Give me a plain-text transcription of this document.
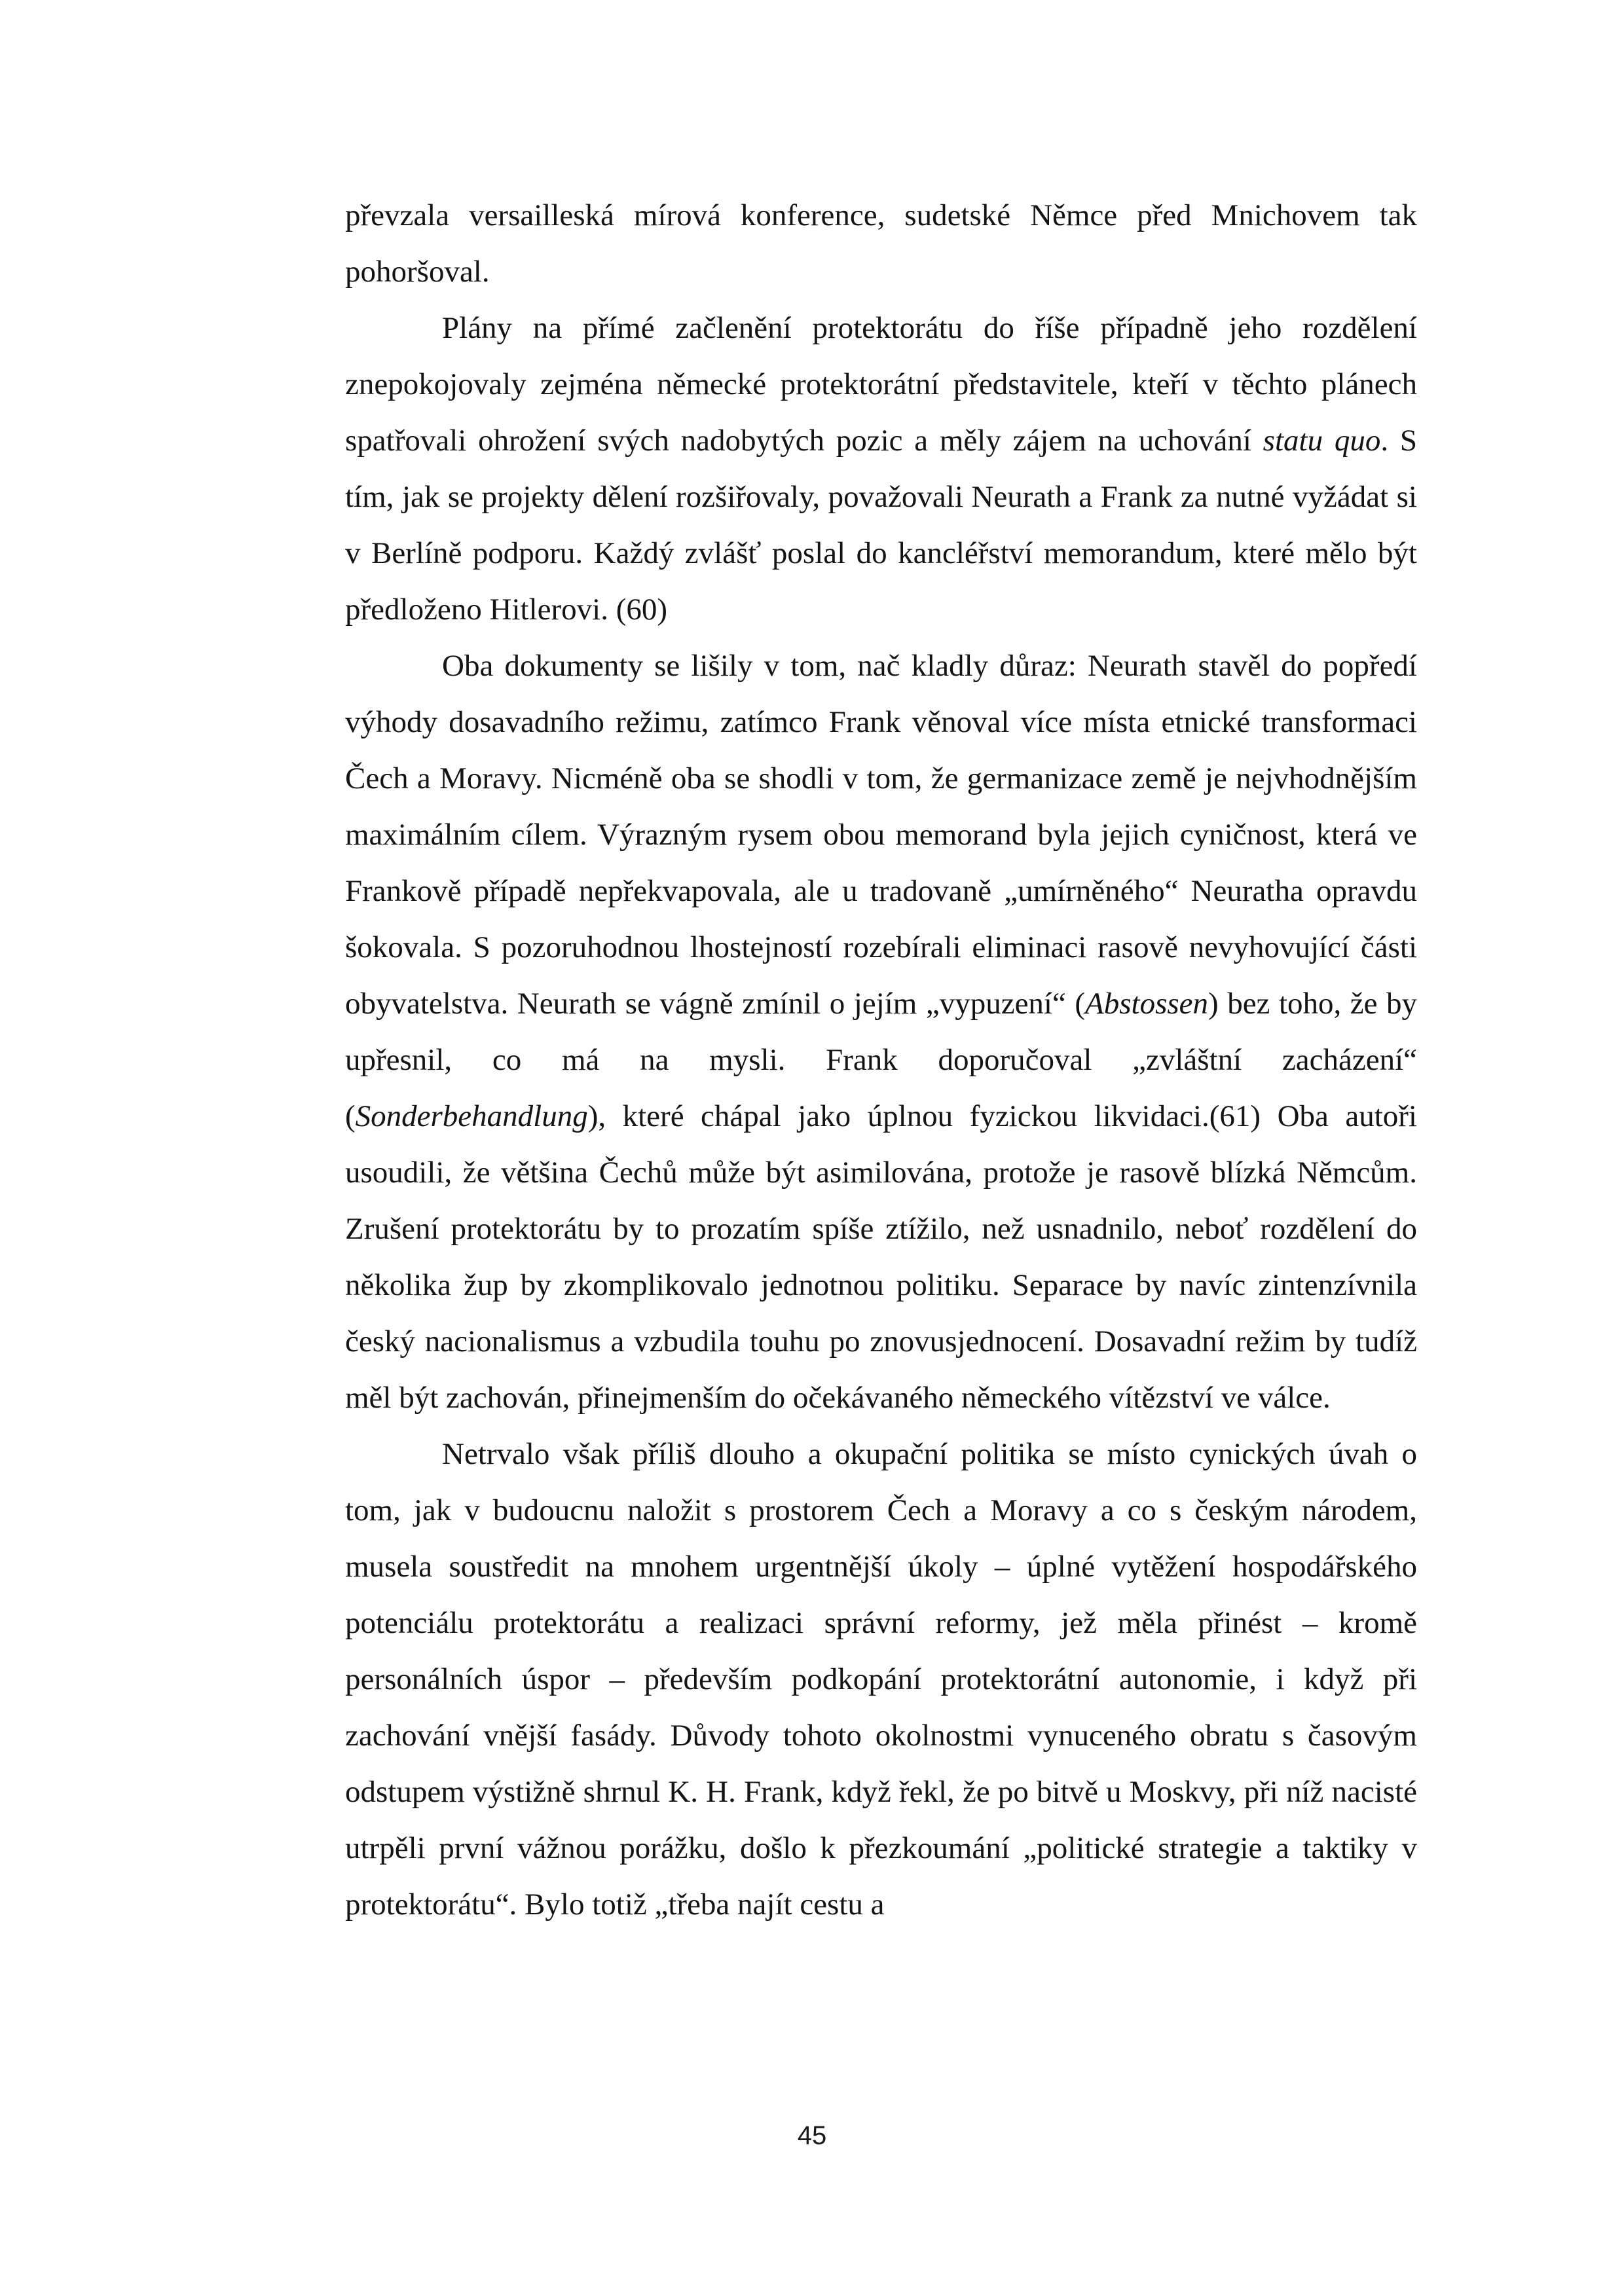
převzala versailleská mírová konference, sudetské Němce před Mnichovem tak pohoršoval.

Plány na přímé začlenění protektorátu do říše případně jeho rozdělení znepokojovaly zejména německé protektorátní představitele, kteří v těchto plánech spatřovali ohrožení svých nadobytých pozic a měly zájem na uchování statu quo. S tím, jak se projekty dělení rozšiřovaly, považovali Neurath a Frank za nutné vyžádat si v Berlíně podporu. Každý zvlášť poslal do kancléřství memorandum, které mělo být předloženo Hitlerovi. (60)

Oba dokumenty se lišily v tom, nač kladly důraz: Neurath stavěl do popředí výhody dosavadního režimu, zatímco Frank věnoval více místa etnické transformaci Čech a Moravy. Nicméně oba se shodli v tom, že germanizace země je nejvhodnějším maximálním cílem. Výrazným rysem obou memorand byla jejich cyničnost, která ve Frankově případě nepřekvapovala, ale u tradovaně „umírněného“ Neuratha opravdu šokovala. S pozoruhodnou lhostejností rozebírali eliminaci rasově nevyhovující části obyvatelstva. Neurath se vágně zmínil o jejím „vypuzení“ (Abstossen) bez toho, že by upřesnil, co má na mysli. Frank doporučoval „zvláštní zacházení“ (Sonderbehandlung), které chápal jako úplnou fyzickou likvidaci.(61) Oba autoři usoudili, že většina Čechů může být asimilována, protože je rasově blízká Němcům. Zrušení protektorátu by to prozatím spíše ztížilo, než usnadnilo, neboť rozdělení do několika žup by zkomplikovalo jednotnou politiku. Separace by navíc zintenzívnila český nacionalismus a vzbudila touhu po znovusjednocení. Dosavadní režim by tudíž měl být zachován, přinejmenším do očekávaného německého vítězství ve válce.

Netrvalo však příliš dlouho a okupační politika se místo cynických úvah o tom, jak v budoucnu naložit s prostorem Čech a Moravy a co s českým národem, musela soustředit na mnohem urgentnější úkoly – úplné vytěžení hospodářského potenciálu protektorátu a realizaci správní reformy, jež měla přinést – kromě personálních úspor – především podkopání protektorátní autonomie, i když při zachování vnější fasády. Důvody tohoto okolnostmi vynuceného obratu s časovým odstupem výstižně shrnul K. H. Frank, když řekl, že po bitvě u Moskvy, při níž nacisté utrpěli první vážnou porážku, došlo k přezkoumání „politické strategie a taktiky v protektorátu“. Bylo totiž „třeba najít cestu a

45
